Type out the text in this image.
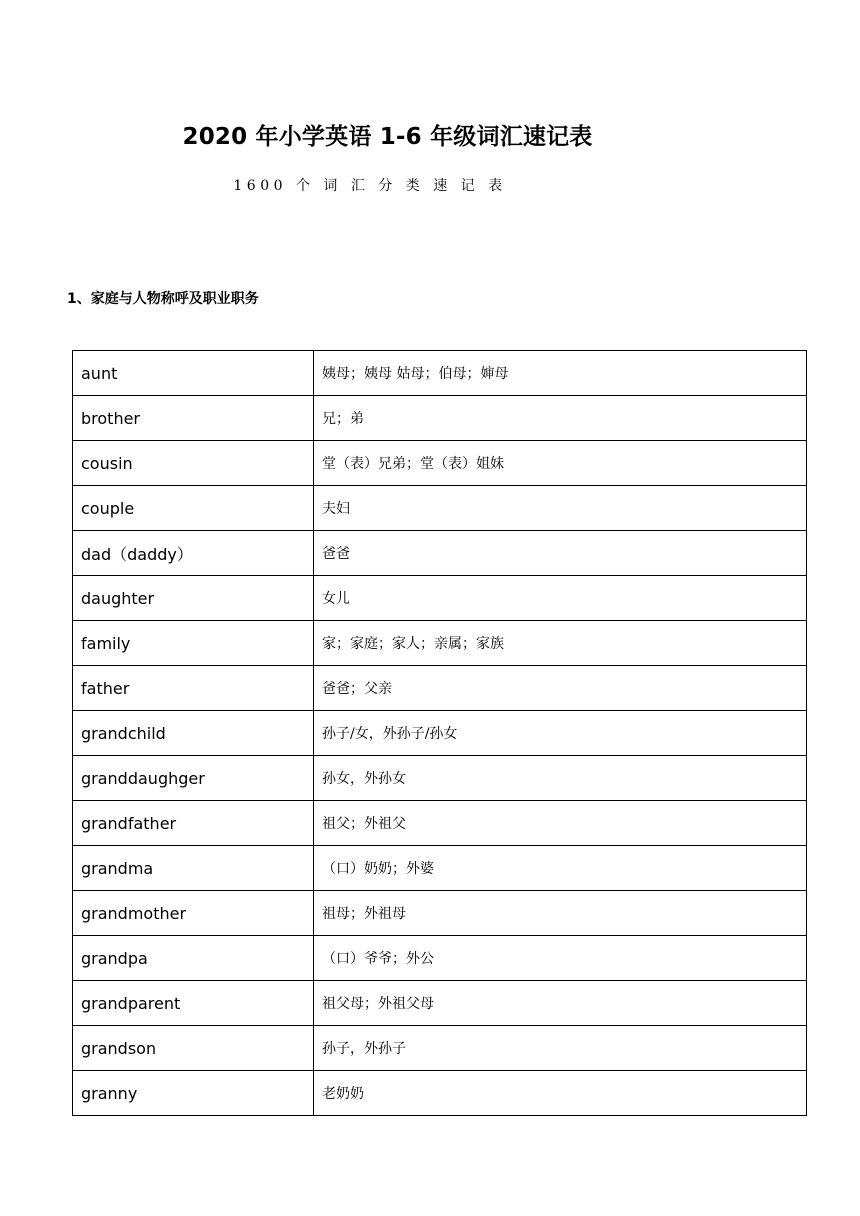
2020 年小学英语 1-6 年级词汇速记表
1600 个 词 汇 分 类 速 记 表
1、家庭与人物称呼及职业职务
aunt	姨母；姨母 姑母；伯母；婶母
brother	兄；弟
cousin	堂（表）兄弟；堂（表）姐妹
couple	夫妇
dad（daddy）	爸爸
daughter	女儿
family	家；家庭；家人；亲属；家族
father	爸爸；父亲
grandchild	孙子/女，外孙子/孙女
granddaughger	孙女，外孙女
grandfather	祖父；外祖父
grandma	（口）奶奶；外婆
grandmother	祖母；外祖母
grandpa	（口）爷爷；外公
grandparent	祖父母；外祖父母
grandson	孙子，外孙子
granny	老奶奶
